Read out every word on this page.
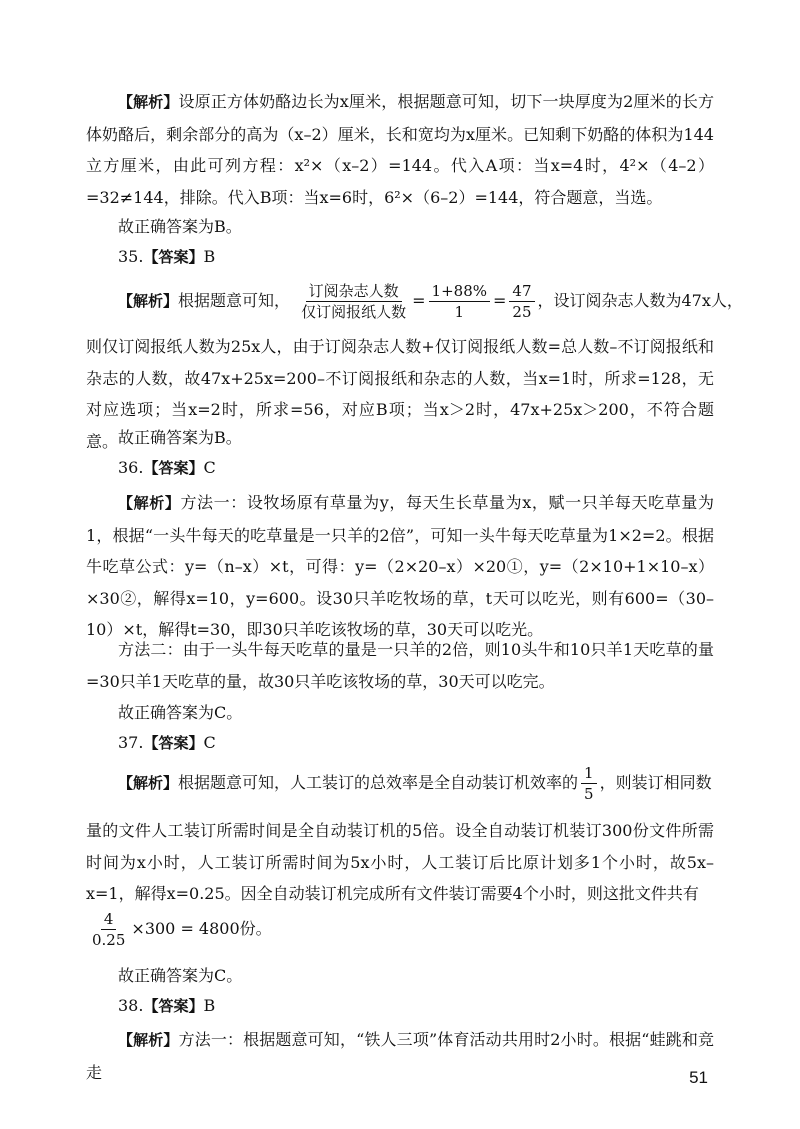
【解析】设原正方体奶酪边长为x厘米，根据题意可知，切下一块厚度为2厘米的长方体奶酪后，剩余部分的高为（x–2）厘米，长和宽均为x厘米。已知剩下奶酪的体积为144立方厘米，由此可列方程：x²×（x–2）=144。代入A项：当x=4时，4²×（4–2）=32≠144，排除。代入B项：当x=6时，6²×（6–2）=144，符合题意，当选。

故正确答案为B。

35.【答案】B

【解析】根据题意可知， $\frac{\text{订阅杂志人数}}{\text{仅订阅报纸人数}} = \frac{1+88\%}{1} = \frac{47}{25}$ ，设订阅杂志人数为47x人，

则仅订阅报纸人数为25x人，由于订阅杂志人数+仅订阅报纸人数=总人数–不订阅报纸和杂志的人数，故47x+25x=200–不订阅报纸和杂志的人数，当x=1时，所求=128，无对应选项；当x=2时，所求=56，对应B项；当x＞2时，47x+25x＞200，不符合题意。 故正确答案为B。

36.【答案】C

【解析】方法一：设牧场原有草量为y，每天生长草量为x，赋一只羊每天吃草量为1，根据“一头牛每天的吃草量是一只羊的2倍”，可知一头牛每天吃草量为1×2=2。根据牛吃草公式：y=（n–x）×t，可得：y=（2×20–x）×20①，y=（2×10+1×10–x）×30②，解得x=10，y=600。设30只羊吃牧场的草，t天可以吃光，则有600=（30–10）×t，解得t=30，即30只羊吃该牧场的草，30天可以吃光。

方法二：由于一头牛每天吃草的量是一只羊的2倍，则10头牛和10只羊1天吃草的量=30只羊1天吃草的量，故30只羊吃该牧场的草，30天可以吃完。

故正确答案为C。

37.【答案】C

【解析】根据题意可知，人工装订的总效率是全自动装订机效率的 $\frac{1}{5}$ ，则装订相同数

量的文件人工装订所需时间是全自动装订机的5倍。设全自动装订机装订300份文件所需时间为x小时，人工装订所需时间为5x小时，人工装订后比原计划多1个小时，故5x–x=1，解得x=0.25。因全自动装订机完成所有文件装订需要4个小时，则这批文件共有

$\frac{4}{0.25} \times 300 = 4800$份。

故正确答案为C。

38.【答案】B

【解析】方法一：根据题意可知，“铁人三项”体育活动共用时2小时。根据“蛙跳和竞走	51
